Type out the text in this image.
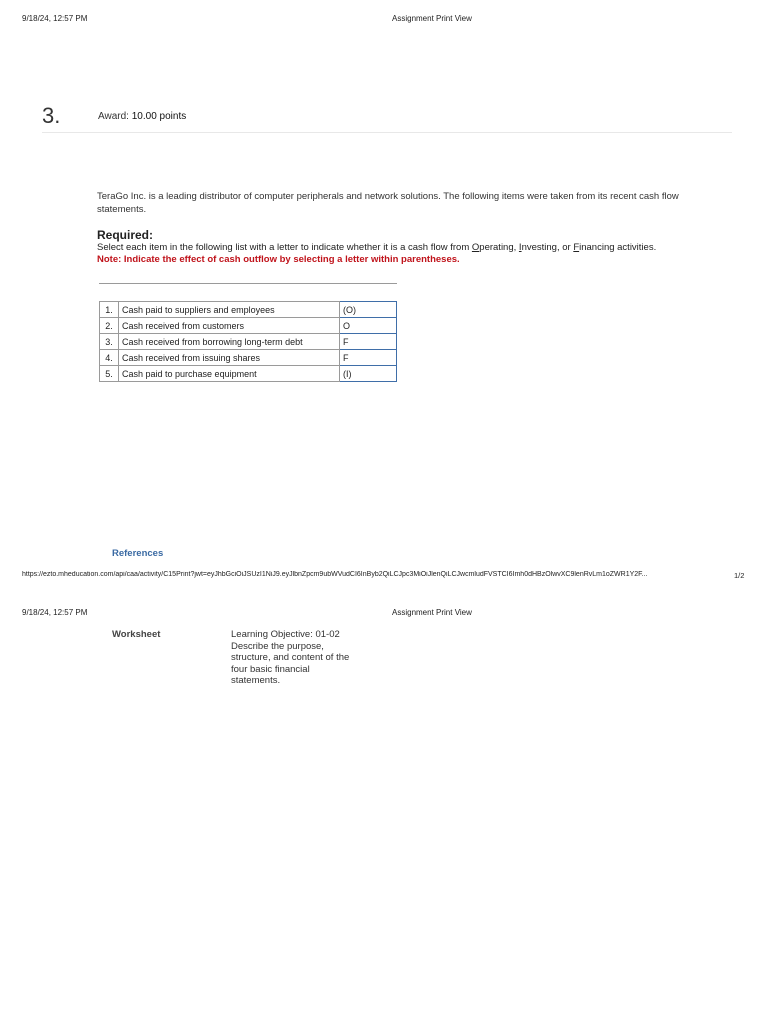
9/18/24, 12:57 PM	Assignment Print View
3.	Award: 10.00 points
TeraGo Inc. is a leading distributor of computer peripherals and network solutions. The following items were taken from its recent cash flow statements.
Required:
Select each item in the following list with a letter to indicate whether it is a cash flow from Operating, Investing, or Financing activities.
Note: Indicate the effect of cash outflow by selecting a letter within parentheses.
1.	Cash paid to suppliers and employees	(O)
2.	Cash received from customers	O
3.	Cash received from borrowing long-term debt	F
4.	Cash received from issuing shares	F
5.	Cash paid to purchase equipment	(I)
References
https://ezto.mheducation.com/api/caa/activity/C15Print?jwt=eyJhbGciOiJSUzI1NiJ9.eyJlbnZpcm9ubWVudCI6InByb2QiLCJpc3MiOiJlenQiLCJwcmludFVSTCI6Imh0dHBzOlwvXC9lenRvLm1oZWR1Y2F...	1/2
9/18/24, 12:57 PM	Assignment Print View
Worksheet	Learning Objective: 01-02 Describe the purpose, structure, and content of the four basic financial statements.
